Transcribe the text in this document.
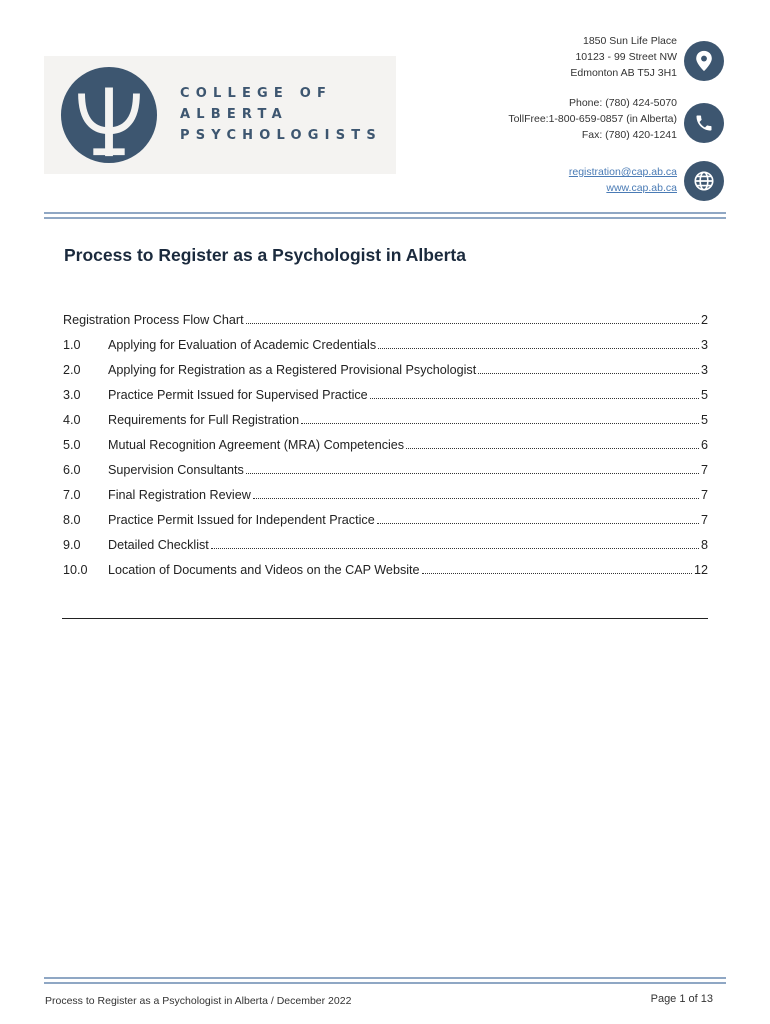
COLLEGE OF
ALBERTA
PSYCHOLOGISTS
1850 Sun Life Place
10123 - 99 Street NW
Edmonton AB T5J 3H1
Phone: (780) 424-5070
TollFree:1-800-659-0857 (in Alberta)
Fax: (780) 420-1241
registration@cap.ab.ca
www.cap.ab.ca
Process to Register as a Psychologist in Alberta
Registration Process Flow Chart	2
1.0	Applying for Evaluation of Academic Credentials	3
2.0	Applying for Registration as a Registered Provisional Psychologist	3
3.0	Practice Permit Issued for Supervised Practice	5
4.0	Requirements for Full Registration	5
5.0	Mutual Recognition Agreement (MRA) Competencies	6
6.0	Supervision Consultants	7
7.0	Final Registration Review	7
8.0	Practice Permit Issued for Independent Practice	7
9.0	Detailed Checklist	8
10.0	Location of Documents and Videos on the CAP Website	12
Process to Register as a Psychologist in Alberta / December 2022	Page 1 of 13
